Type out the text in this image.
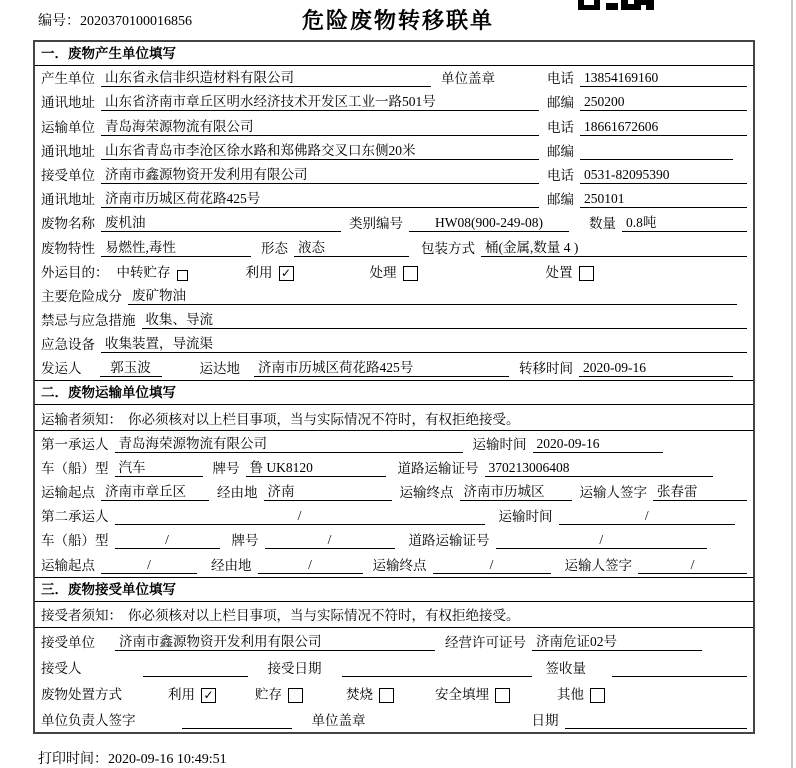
编号：2020370100016856	危险废物转移联单
一．废物产生单位填写
产生单位 山东省永信非织造材料有限公司	单位盖章	电话 13854169160
通讯地址 山东省济南市章丘区明水经济技术开发区工业一路501号	邮编 250200
运输单位 青岛海荣源物流有限公司	电话 18661672606
通讯地址 山东省青岛市李沧区徐水路和郑佛路交叉口东侧20米	邮编
接受单位 济南市鑫源物资开发利用有限公司	电话 0531-82095390
通讯地址 济南市历城区荷花路425号	邮编 250101
废物名称 废机油	类别编号	HW08(900-249-08)	数量 0.8吨
废物特性 易燃性,毒性	形态 液态	包装方式 桶(金属,数量 4 )
外运目的： 中转贮存	利用 ✓	处理	处置
主要危险成分 废矿物油
禁忌与应急措施 收集、导流
应急设备 收集装置，导流渠
发运人	郭玉波	运达地 济南市历城区荷花路425号	转移时间 2020-09-16
二．废物运输单位填写
运输者须知： 你必须核对以上栏目事项，当与实际情况不符时，有权拒绝接受。
第一承运人 青岛海荣源物流有限公司	运输时间 2020-09-16
车（船）型 汽车	牌号 鲁 UK8120	道路运输证号 370213006408
运输起点 济南市章丘区	经由地 济南	运输终点 济南市历城区	运输人签字 张春雷
第二承运人	/	运输时间	/
车（船）型	/	牌号	/	道路运输证号	/
运输起点	/	经由地	/	运输终点	/	运输人签字	/
三．废物接受单位填写
接受者须知： 你必须核对以上栏目事项，当与实际情况不符时，有权拒绝接受。
接受单位 济南市鑫源物资开发利用有限公司	经营许可证号 济南危证02号
接受人	接受日期	签收量
废物处置方式	利用 ✓	贮存	焚烧	安全填埋	其他
单位负责人签字	单位盖章	日期
打印时间：2020-09-16 10:49:51
